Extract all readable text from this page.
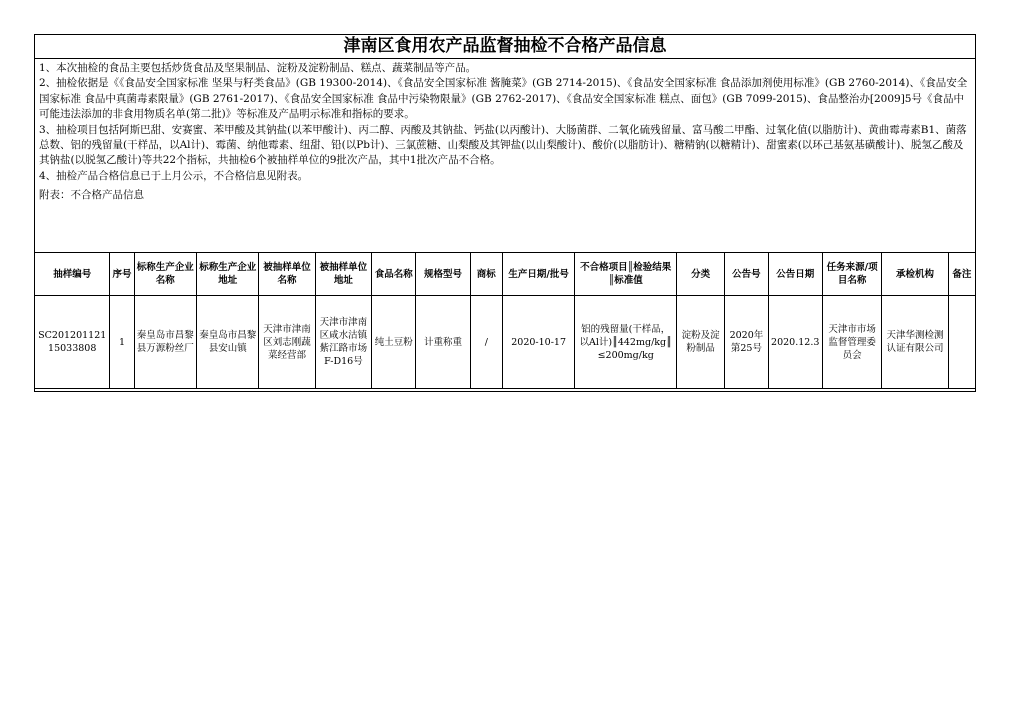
津南区食用农产品监督抽检不合格产品信息

1、本次抽检的食品主要包括炒货食品及坚果制品、淀粉及淀粉制品、糕点、蔬菜制品等产品。

2、抽检依据是《《食品安全国家标准 坚果与籽类食品》(GB 19300-2014)、《食品安全国家标准 酱腌菜》(GB 2714-2015)、《食品安全国家标准 食品添加剂使用标准》(GB 2760-2014)、《食品安全国家标准 食品中真菌毒素限量》(GB 2761-2017)、《食品安全国家标准 食品中污染物限量》(GB 2762-2017)、《食品安全国家标准 糕点、面包》(GB 7099-2015)、食品整治办[2009]5号《食品中可能违法添加的非食用物质名单(第二批)》等标准及产品明示标准和指标的要求。

3、抽检项目包括阿斯巴甜、安赛蜜、苯甲酸及其钠盐(以苯甲酸计)、丙二醇、丙酸及其钠盐、钙盐(以丙酸计)、大肠菌群、二氧化硫残留量、富马酸二甲酯、过氧化值(以脂肪计)、黄曲霉毒素B1、菌落总数、铝的残留量(干样品，以Al计)、霉菌、纳他霉素、纽甜、铅(以Pb计)、三氯蔗糖、山梨酸及其钾盐(以山梨酸计)、酸价(以脂肪计)、糖精钠(以糖精计)、甜蜜素(以环己基氨基磺酸计)、脱氢乙酸及其钠盐(以脱氢乙酸计)等共22个指标，共抽检6个被抽样单位的9批次产品，其中1批次产品不合格。

4、抽检产品合格信息已于上月公示，不合格信息见附表。

附表：不合格产品信息
抽样编号	序号	标称生产企业名称	标称生产企业地址	被抽样单位名称	被抽样单位地址	食品名称	规格型号	商标	生产日期/批号	不合格项目║检验结果║标准值	分类	公告号	公告日期	任务来源/项目名称	承检机构	备注
SC20120112115033808	1	秦皇岛市昌黎县万源粉丝厂	秦皇岛市昌黎县安山镇	天津市津南区刘志刚蔬菜经营部	天津市津南区咸水沽镇紫江路市场F-D16号	纯土豆粉	计重称重	/	2020-10-17	铝的残留量(干样品，以Al计)║442mg/kg║≤200mg/kg	淀粉及淀粉制品	2020年第25号	2020.12.3	天津市市场监督管理委员会	天津华测检测认证有限公司	
